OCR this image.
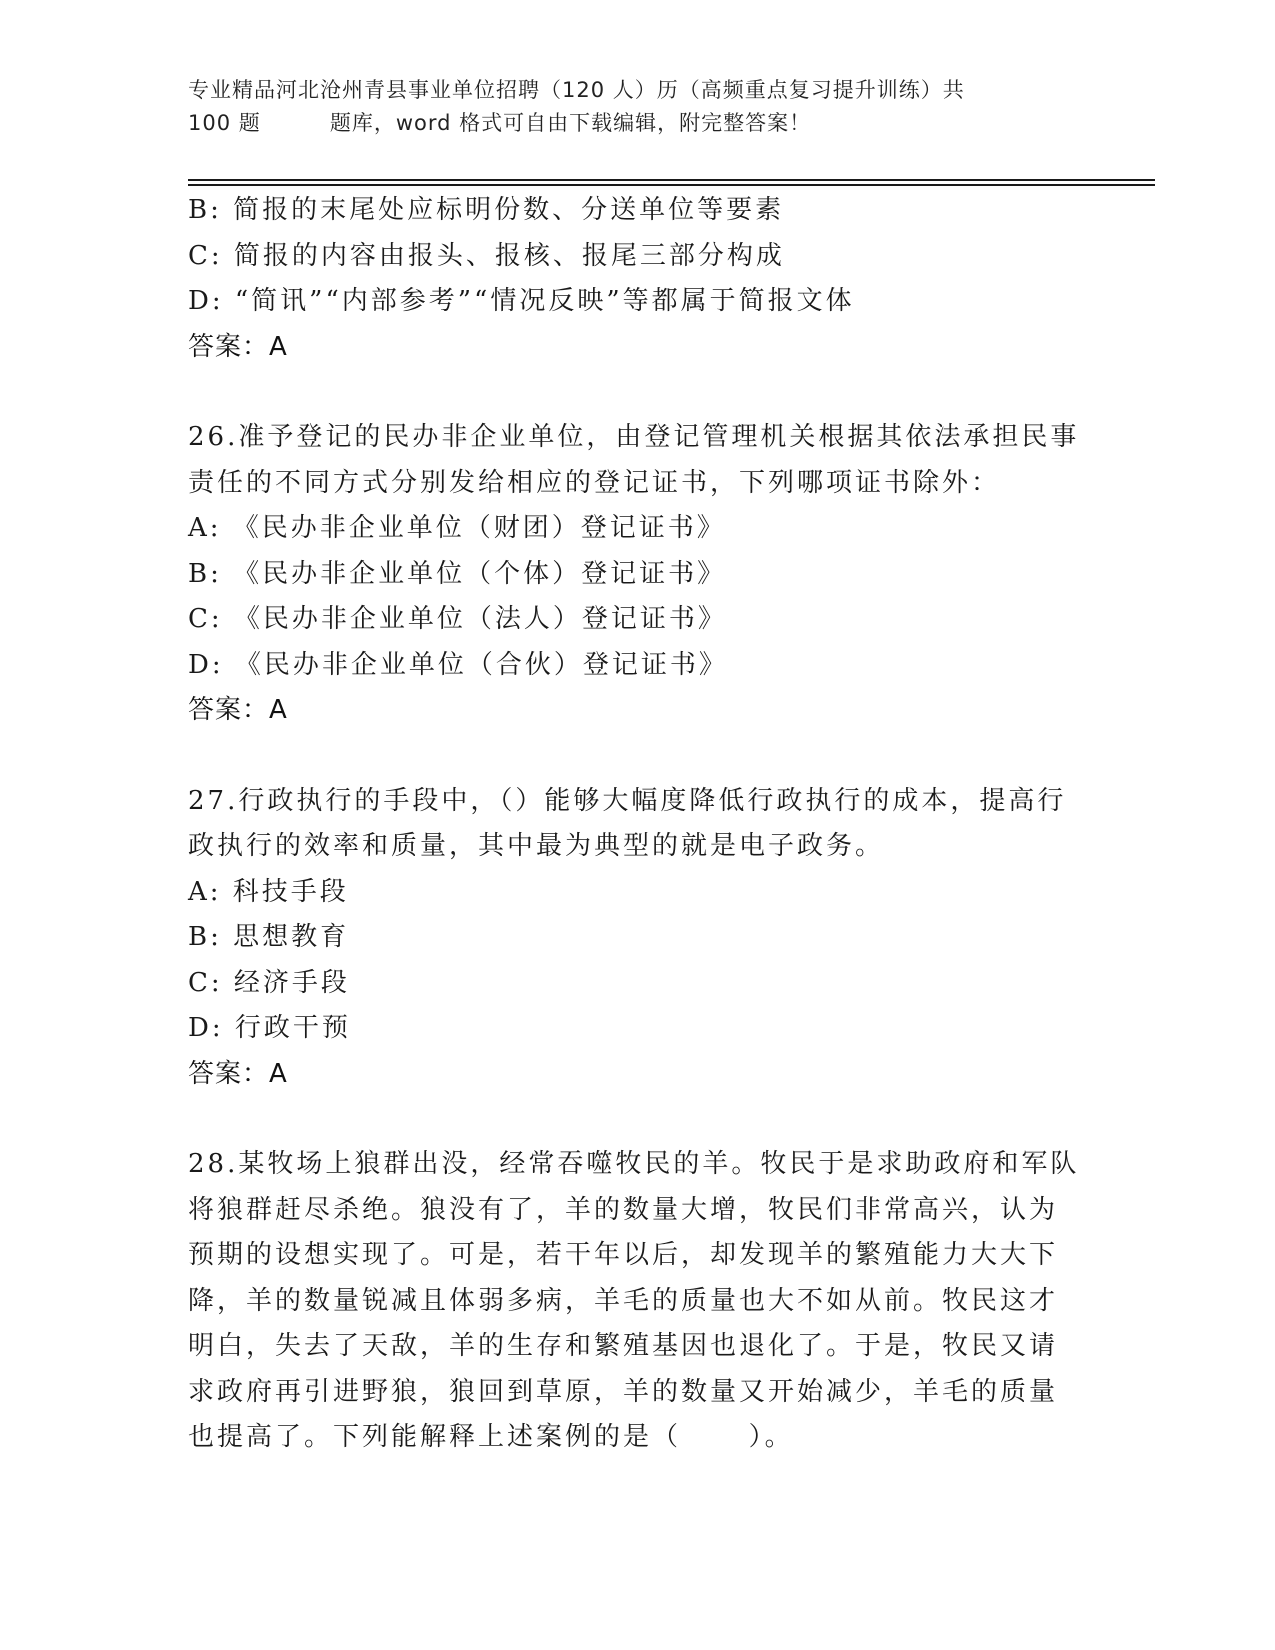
专业精品河北沧州青县事业单位招聘（120 人）历（高频重点复习提升训练）共
100 题         题库，word 格式可自由下载编辑，附完整答案！
B: 简报的末尾处应标明份数、分送单位等要素
C: 简报的内容由报头、报核、报尾三部分构成
D: “简讯”“内部参考”“情况反映”等都属于简报文体
答案：A
26.准予登记的民办非企业单位，由登记管理机关根据其依法承担民事
责任的不同方式分别发给相应的登记证书，下列哪项证书除外：
A: 《民办非企业单位（财团）登记证书》
B: 《民办非企业单位（个体）登记证书》
C: 《民办非企业单位（法人）登记证书》
D: 《民办非企业单位（合伙）登记证书》
答案：A
27.行政执行的手段中，（）能够大幅度降低行政执行的成本，提高行
政执行的效率和质量，其中最为典型的就是电子政务。
A: 科技手段
B: 思想教育
C: 经济手段
D: 行政干预
答案：A
28.某牧场上狼群出没，经常吞噬牧民的羊。牧民于是求助政府和军队
将狼群赶尽杀绝。狼没有了，羊的数量大增，牧民们非常高兴，认为
预期的设想实现了。可是，若干年以后，却发现羊的繁殖能力大大下
降，羊的数量锐减且体弱多病，羊毛的质量也大不如从前。牧民这才
明白，失去了天敌，羊的生存和繁殖基因也退化了。于是，牧民又请
求政府再引进野狼，狼回到草原，羊的数量又开始减少，羊毛的质量
也提高了。下列能解释上述案例的是（      ）。
